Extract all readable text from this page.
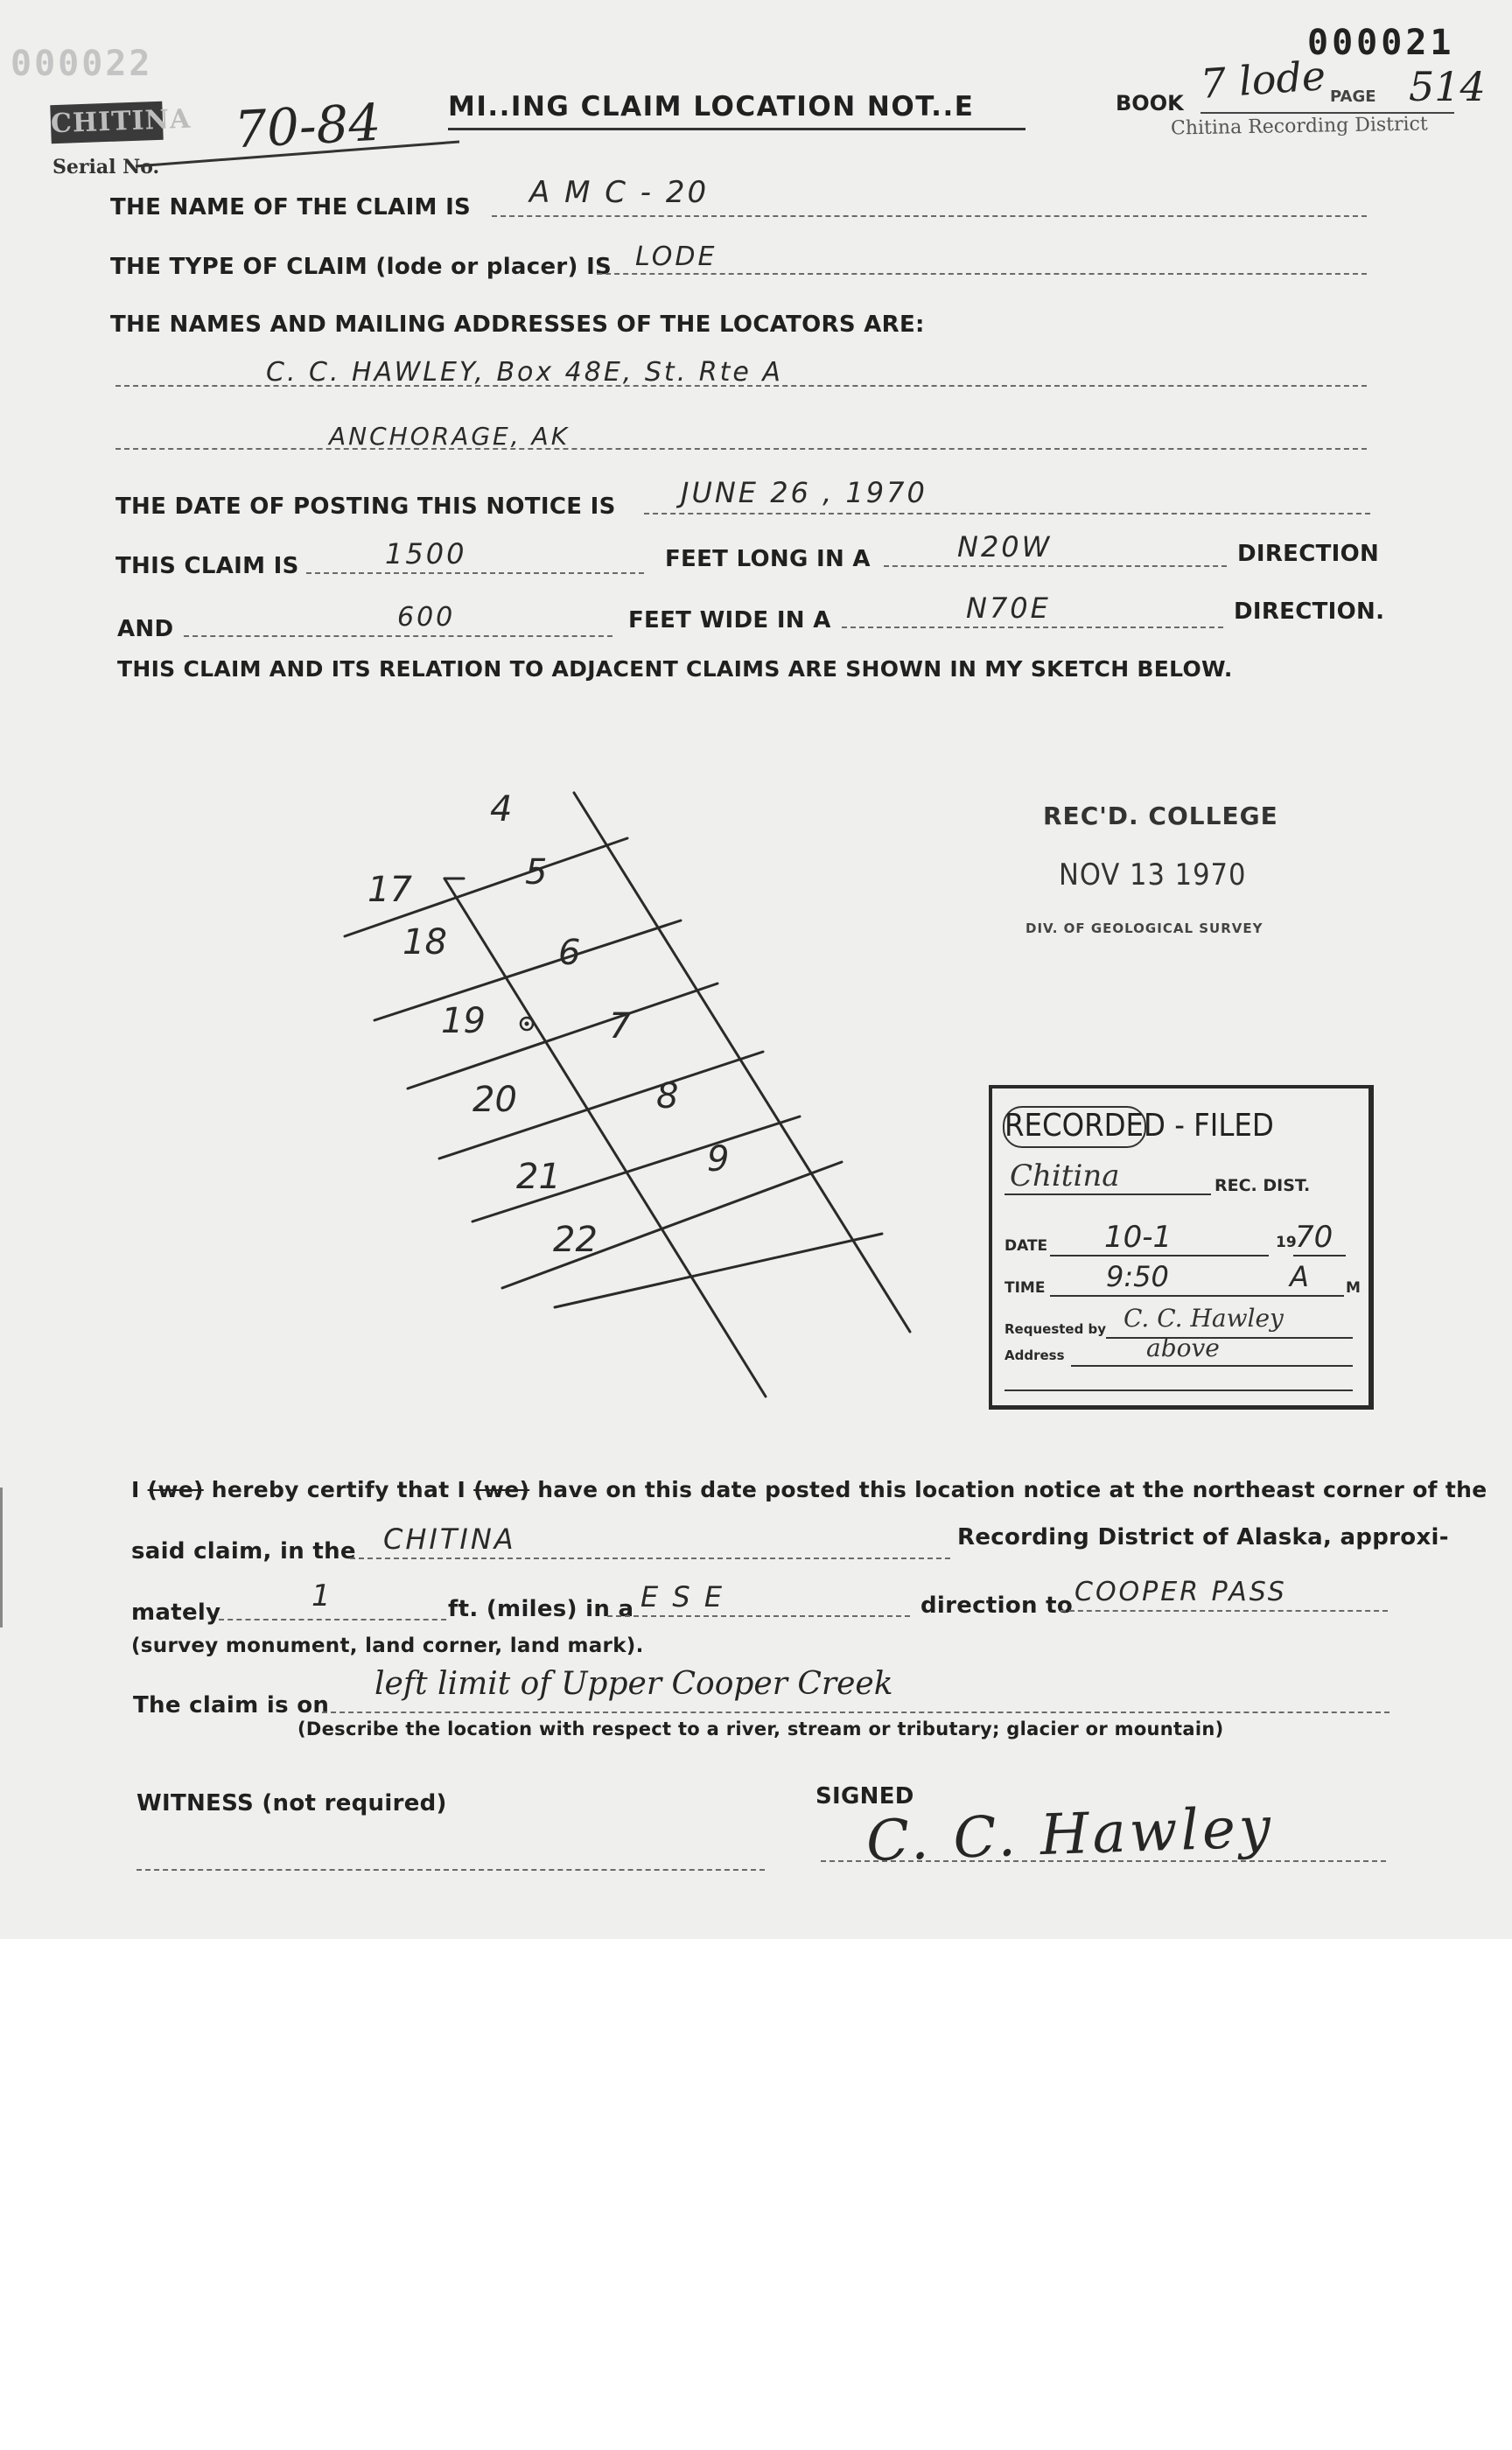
000022
CHITINA
Serial No.
70-84 MI..ING CLAIM LOCATION NOT..E
000021
BOOK 7 lode PAGE 514
Chitina Recording District
THE NAME OF THE CLAIM IS A M C - 20
THE TYPE OF CLAIM (lode or placer) IS LODE
THE NAMES AND MAILING ADDRESSES OF THE LOCATORS ARE:
C. C. HAWLEY, Box 48E, St. Rte A
ANCHORAGE, AK
THE DATE OF POSTING THIS NOTICE IS JUNE 26 , 1970
THIS CLAIM IS	1500	FEET LONG IN A	N20W	DIRECTION
AND	600	FEET WIDE IN A	N70E	DIRECTION.
THIS CLAIM AND ITS RELATION TO ADJACENT CLAIMS ARE SHOWN IN MY SKETCH BELOW.
4
5
6
7
8
9
17
18
19
20
21
22
REC'D. COLLEGE
NOV 13 1970
DIV. OF GEOLOGICAL SURVEY
RECORDED - FILED
Chitina	REC. DIST.
DATE 10-1	19
70
TIME 9:50	A M
Requested by C. C. Hawley
Address	above
I (we) hereby certify that I (we) have on this date posted this location notice at the northeast corner of the
said claim, in the CHITINA	Recording District of Alaska, approxi-
mately	1	ft. (miles) in a E S E	direction to COOPER PASS
(survey monument, land corner, land mark).
The claim is on
left limit of Upper Cooper Creek
(Describe the location with respect to a river, stream or tributary; glacier or mountain)
WITNESS (not required)	SIGNED
C. C. Hawley
